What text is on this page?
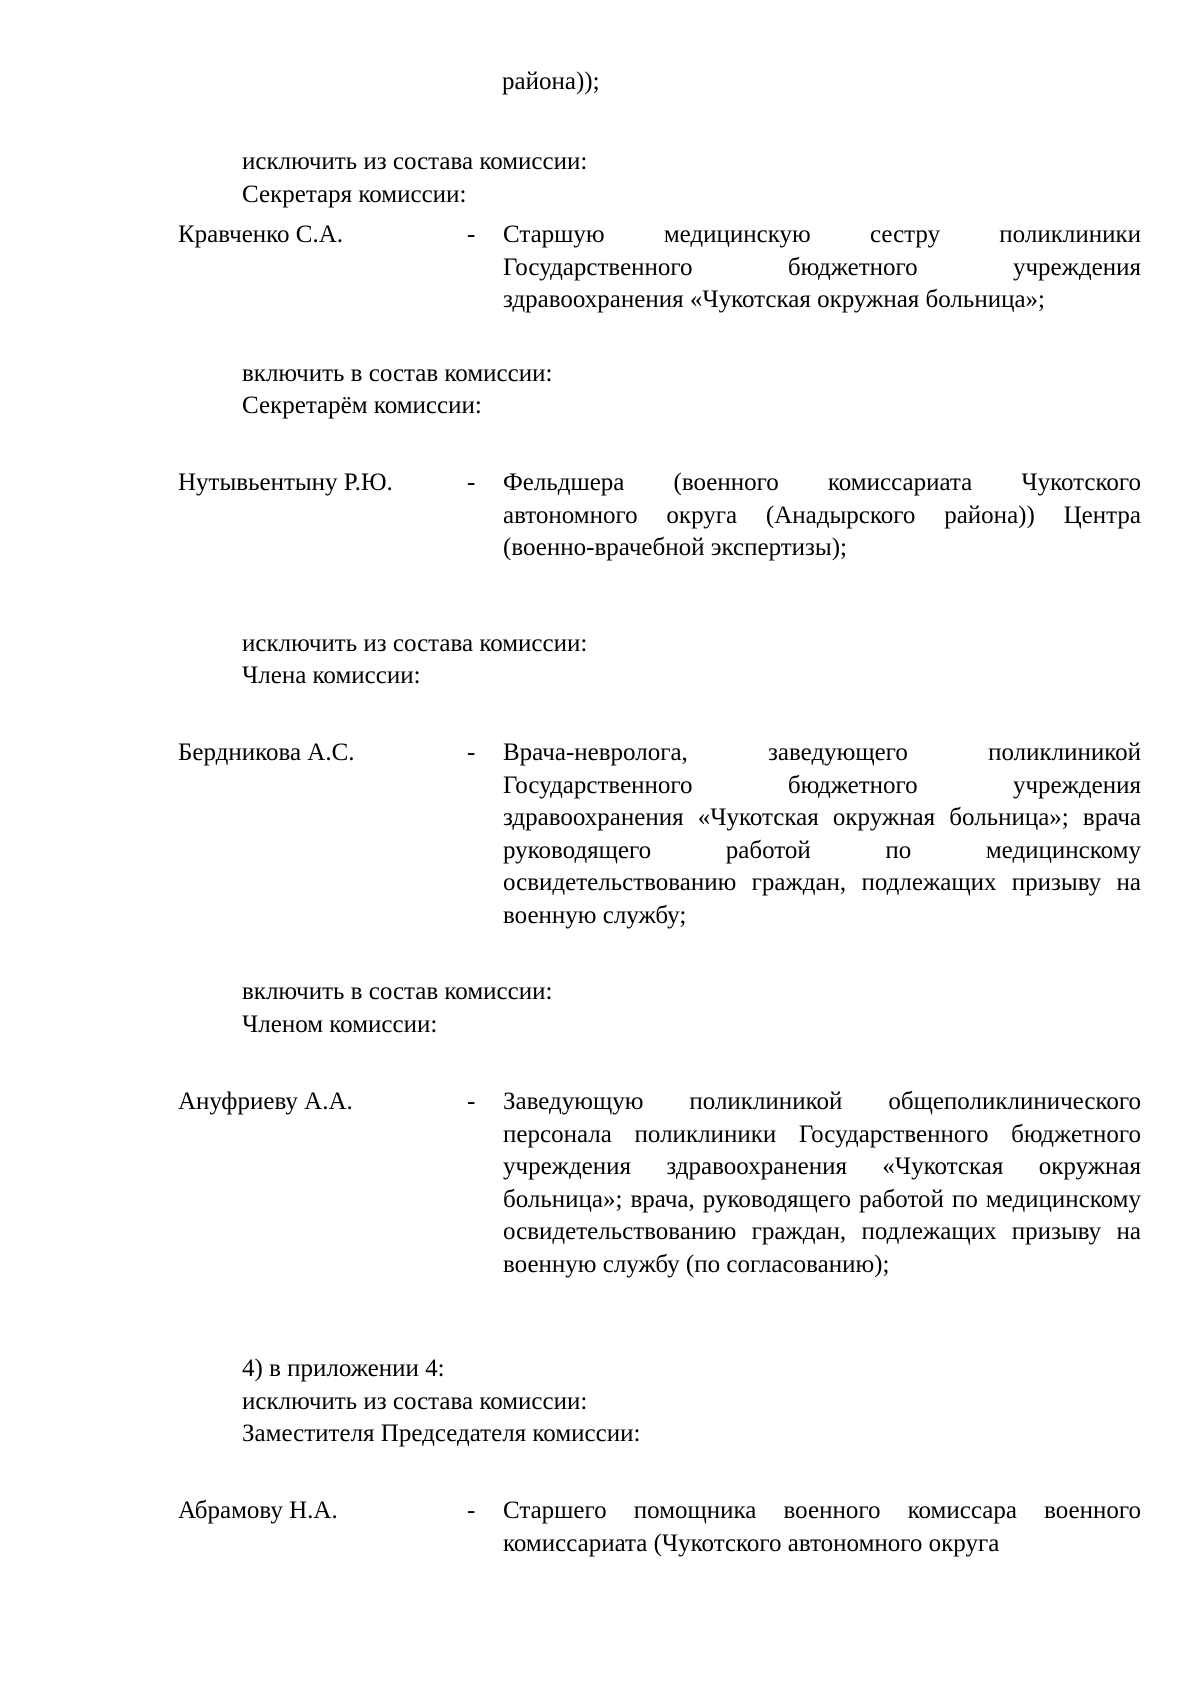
района));
исключить из состава комиссии:
Секретаря комиссии:
Кравченко С.А.	- Старшую медицинскую сестру поликлиники Государственного бюджетного учреждения здравоохранения «Чукотская окружная больница»;
включить в состав комиссии:
Секретарём комиссии:
Нутывьентыну Р.Ю.	- Фельдшера (военного комиссариата Чукотского автономного округа (Анадырского района)) Центра (военно-врачебной экспертизы);
исключить из состава комиссии:
Члена комиссии:
Бердникова А.С.	- Врача-невролога, заведующего поликлиникой Государственного бюджетного учреждения здравоохранения «Чукотская окружная больница»; врача руководящего работой по медицинскому освидетельствованию граждан, подлежащих призыву на военную службу;
включить в состав комиссии:
Членом комиссии:
Ануфриеву А.А.	- Заведующую поликлиникой общеполиклинического персонала поликлиники Государственного бюджетного учреждения здравоохранения «Чукотская окружная больница»; врача, руководящего работой по медицинскому освидетельствованию граждан, подлежащих призыву на военную службу (по согласованию);
4) в приложении 4:
исключить из состава комиссии:
Заместителя Председателя комиссии:
Абрамову Н.А.	- Старшего помощника военного комиссара военного комиссариата (Чукотского автономного округа
